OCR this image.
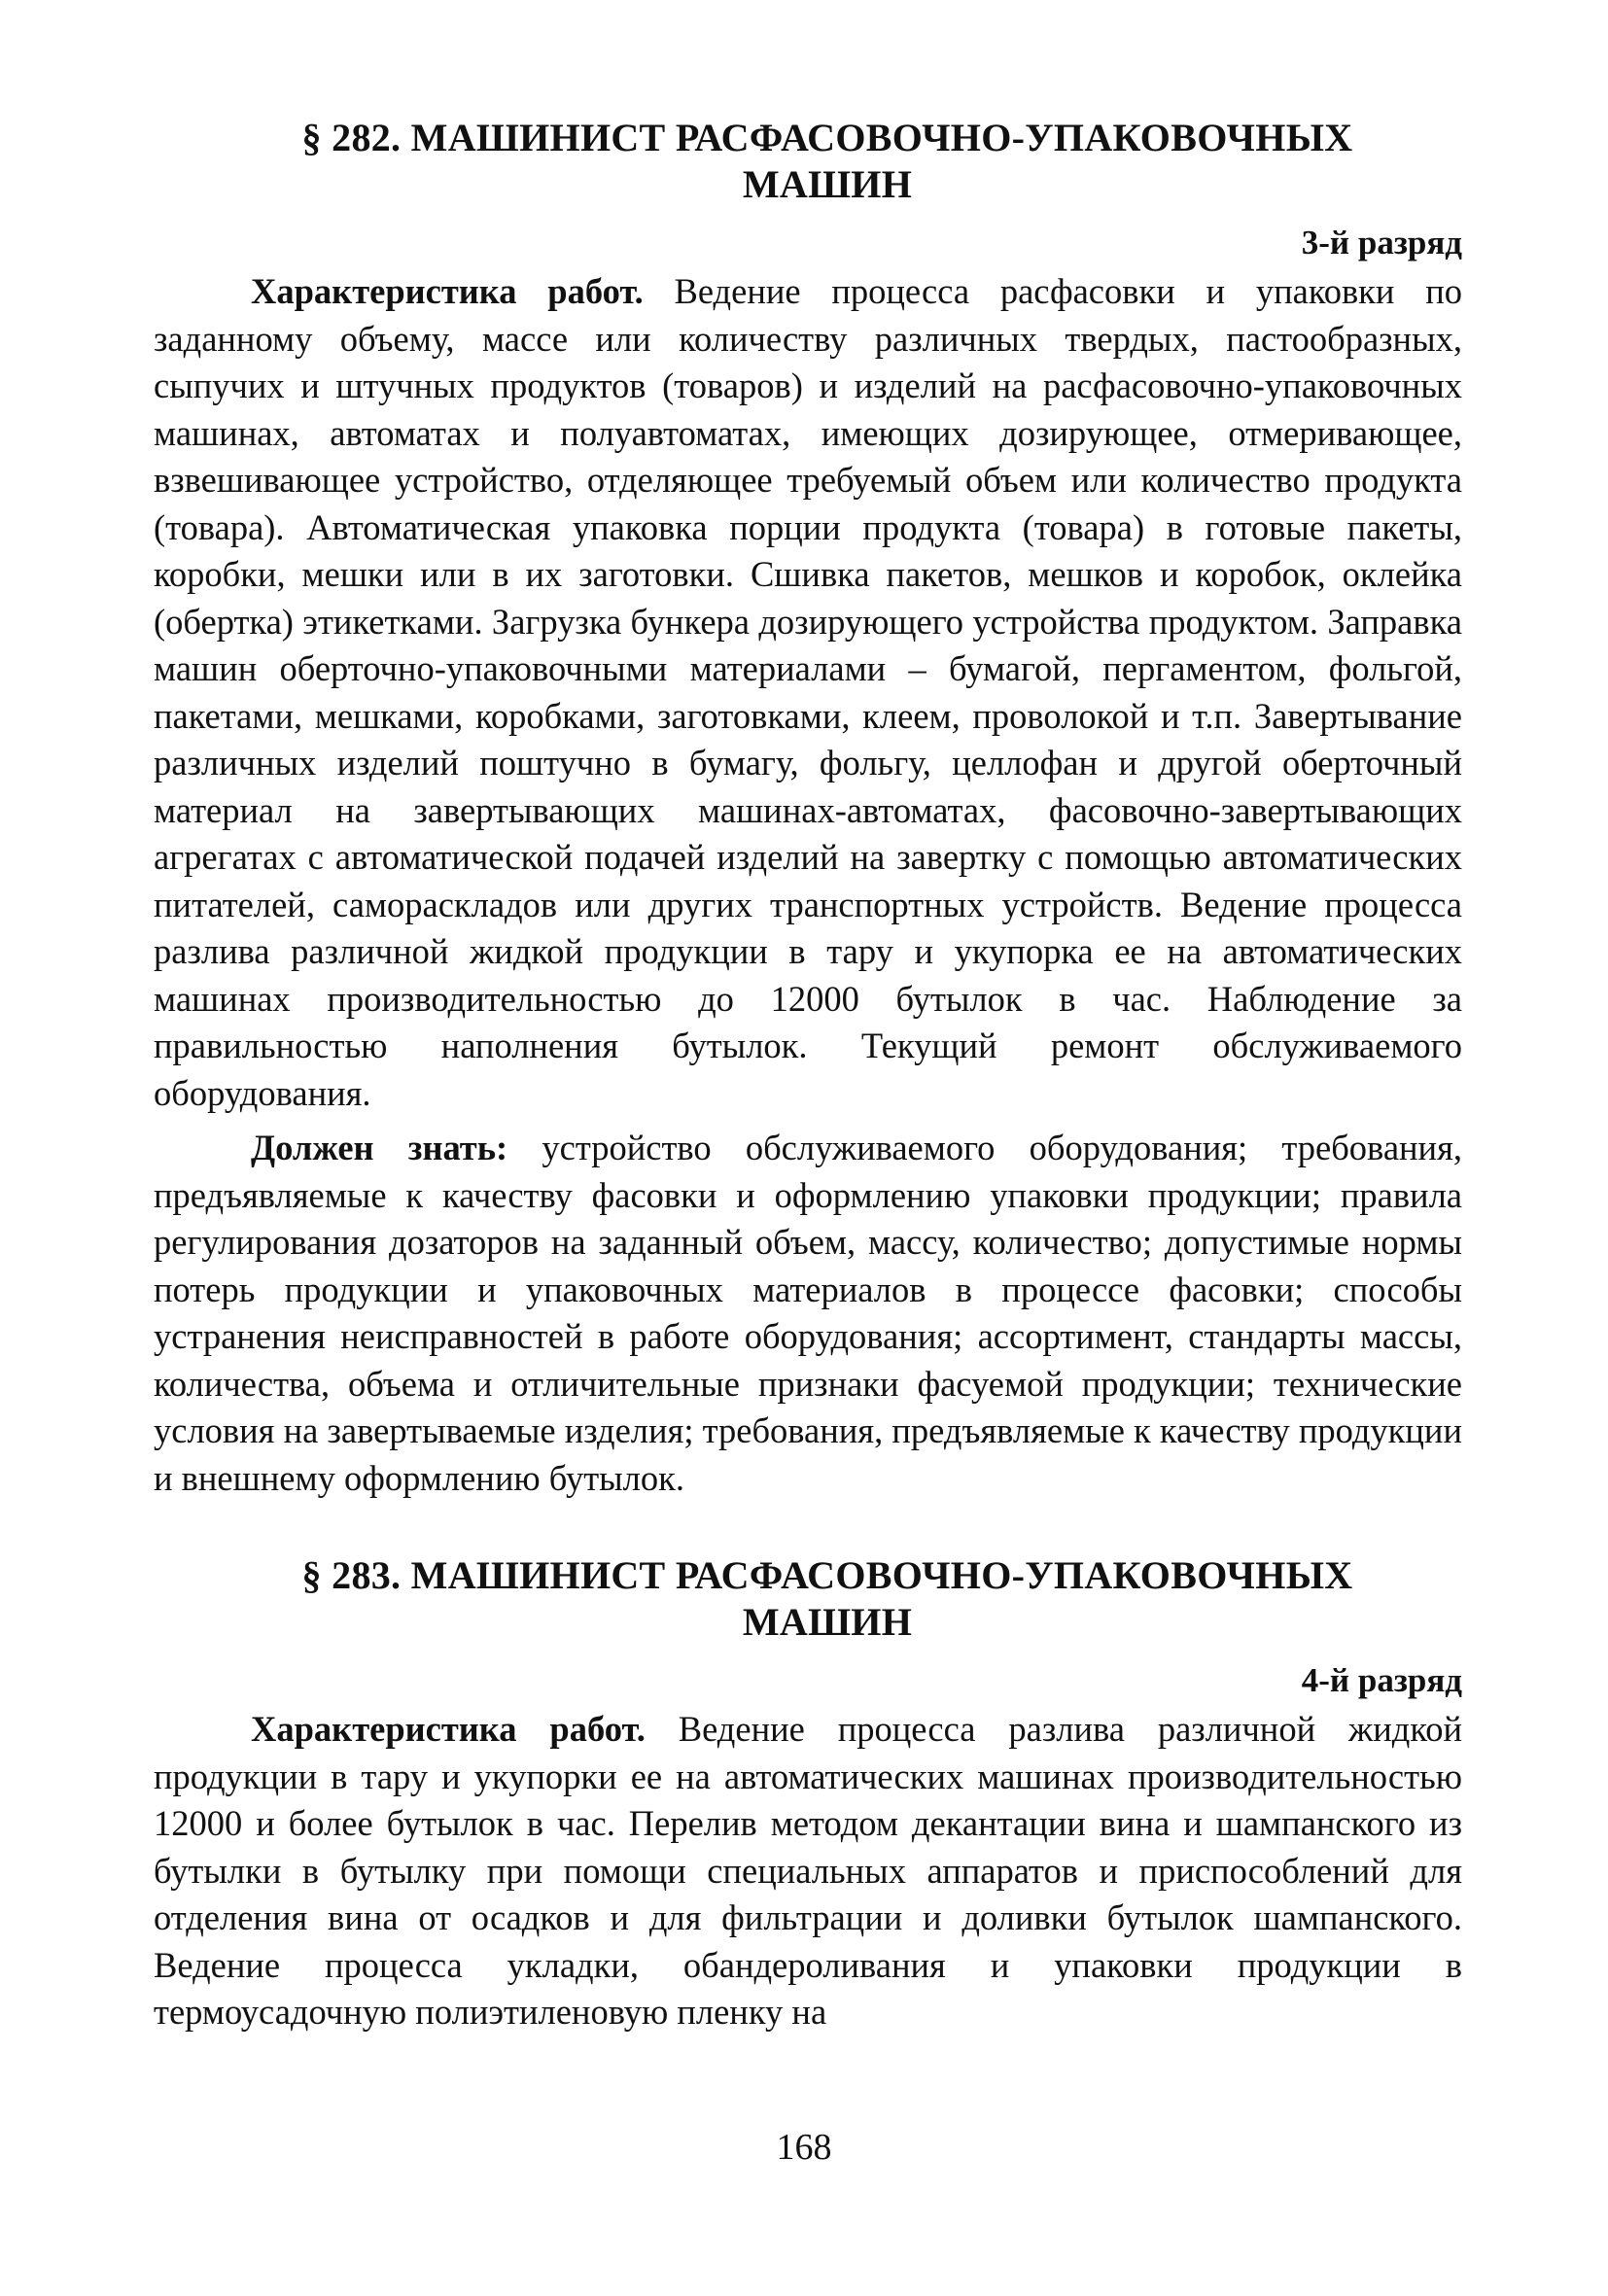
§ 282. МАШИНИСТ РАСФАСОВОЧНО-УПАКОВОЧНЫХ
МАШИН
3-й разряд

Характеристика работ. Ведение процесса расфасовки и упаковки по заданному объему, массе или количеству различных твердых, пастообразных, сыпучих и штучных продуктов (товаров) и изделий на расфасовочно-упаковочных машинах, автоматах и полуавтоматах, имеющих дозирующее, отмеривающее, взвешивающее устройство, отделяющее требуемый объем или количество продукта (товара). Автоматическая упаковка порции продукта (товара) в готовые пакеты, коробки, мешки или в их заготовки. Сшивка пакетов, мешков и коробок, оклейка (обертка) этикетками. Загрузка бункера дозирующего устройства продуктом. Заправка машин оберточно-упаковочными материалами – бумагой, пергаментом, фольгой, пакетами, мешками, коробками, заготовками, клеем, проволокой и т.п. Завертывание различных изделий поштучно в бумагу, фольгу, целлофан и другой оберточный материал на завертывающих машинах-автоматах, фасовочно-завертывающих агрегатах с автоматической подачей изделий на завертку с помощью автоматических питателей, самораскладов или других транспортных устройств. Ведение процесса разлива различной жидкой продукции в тару и укупорка ее на автоматических машинах производительностью до 12000 бутылок в час. Наблюдение за правильностью наполнения бутылок. Текущий ремонт обслуживаемого оборудования.

Должен знать: устройство обслуживаемого оборудования; требования, предъявляемые к качеству фасовки и оформлению упаковки продукции; правила регулирования дозаторов на заданный объем, массу, количество; допустимые нормы потерь продукции и упаковочных материалов в процессе фасовки; способы устранения неисправностей в работе оборудования; ассортимент, стандарты массы, количества, объема и отличительные признаки фасуемой продукции; технические условия на завертываемые изделия; требования, предъявляемые к качеству продукции и внешнему оформлению бутылок.

§ 283. МАШИНИСТ РАСФАСОВОЧНО-УПАКОВОЧНЫХ
МАШИН
4-й разряд

Характеристика работ. Ведение процесса разлива различной жидкой продукции в тару и укупорки ее на автоматических машинах производительностью 12000 и более бутылок в час. Перелив методом декантации вина и шампанского из бутылки в бутылку при помощи специальных аппаратов и приспособлений для отделения вина от осадков и для фильтрации и доливки бутылок шампанского. Ведение процесса укладки, обандероливания и упаковки продукции в термоусадочную полиэтиленовую пленку на

168
